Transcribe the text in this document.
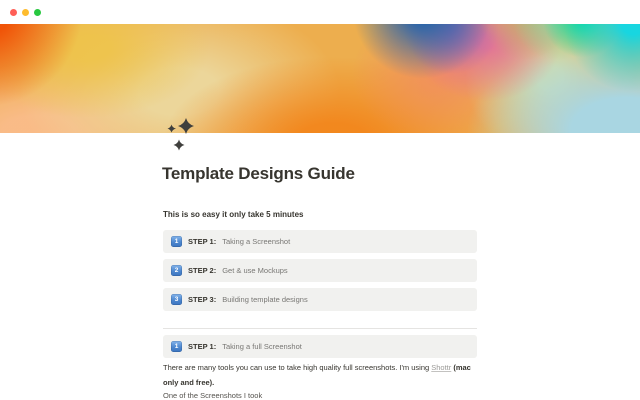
Template Designs Guide
This is so easy it only take 5 minutes
1	STEP 1: Taking a Screenshot
2	STEP 2: Get & use Mockups
3	STEP 3: Building template designs
1	STEP 1: Taking a full Screenshot

There are many tools you can use to take high quality full screenshots. I'm using Shottr (mac only and free).

One of the Screenshots I took
